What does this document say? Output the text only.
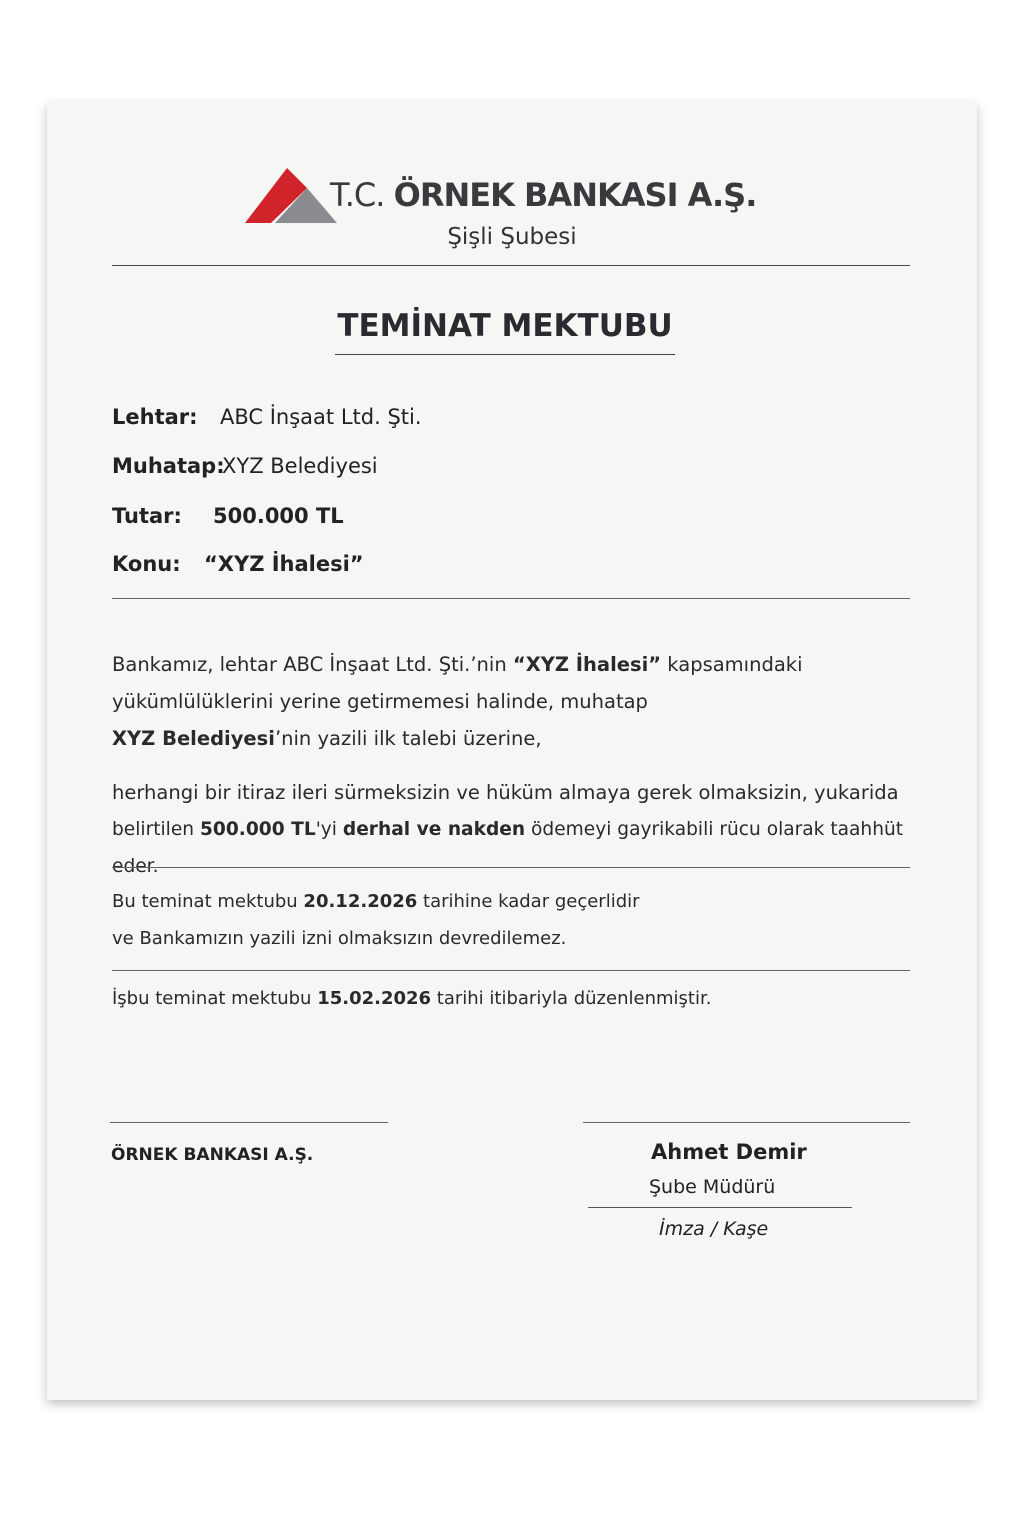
T.C. ÖRNEK BANKASI A.Ş.
Şişli Şubesi
TEMİNAT MEKTUBU
Lehtar: ABC İnşaat Ltd. Şti.
Muhatap:XYZ Belediyesi
Tutar: 500.000 TL
Konu: “XYZ İhalesi”
Bankamız, lehtar ABC İnşaat Ltd. Şti.’nin “XYZ İhalesi” kapsamındaki
yükümlülüklerini yerine getirmemesi halinde, muhatap
XYZ Belediyesi’nin yazili ilk talebi üzerine,
herhangi bir itiraz ileri sürmeksizin ve hüküm almaya gerek olmaksizin, yukarida
belirtilen 500.000 TL'yi derhal ve nakden ödemeyi gayrikabili rücu olarak taahhüt eder.
Bu teminat mektubu 20.12.2026 tarihine kadar geçerlidir
ve Bankamızın yazili izni olmaksızın devredilemez.
İşbu teminat mektubu 15.02.2026 tarihi itibariyla düzenlenmiştir.
ÖRNEK BANKASI A.Ş.	Ahmet Demir
Şube Müdürü
İmza / Kaşe
